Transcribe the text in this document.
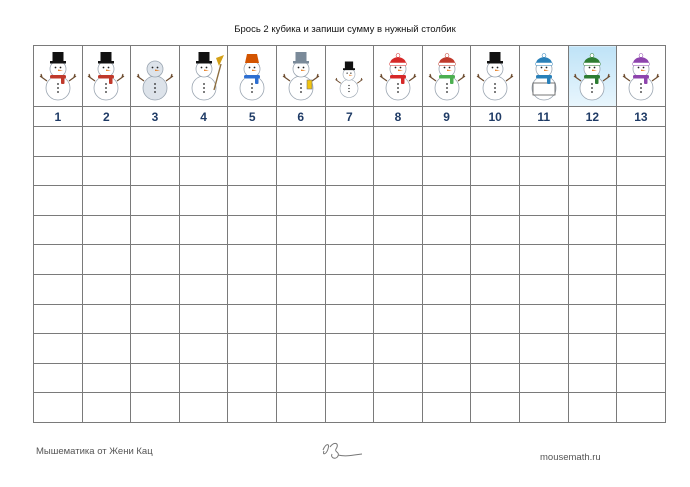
Брось 2 кубика и запиши сумму в нужный столбик

1	2	3	4	5	6	7	8	9	10	11	12	13

Мышематика от Жени Кац
mousemath.ru
